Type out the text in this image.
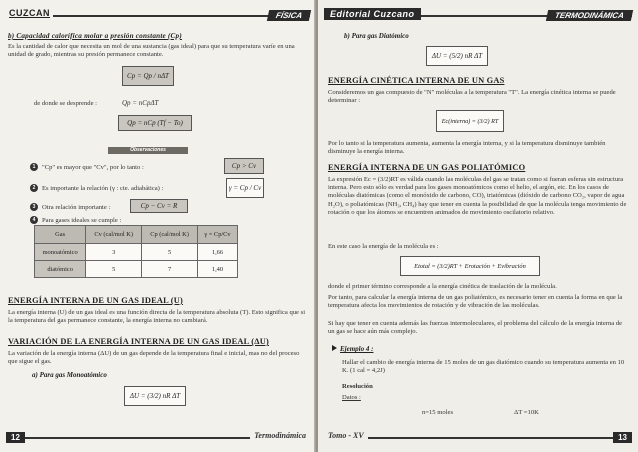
CUZCAN	FÍSICA
b) Capacidad calorífica molar a presión constante (Cp)
Es la cantidad de calor que necesita un mol de una sustancia (gas ideal) para que su temperatura varíe en una unidad de grado, mientras su presión permanece constante.
Cp = Qp / nΔT
de donde se desprende :	Qp = nCpΔT
Qp = nCp (Tf − To)
Observaciones
1	"Cp" es mayor que "Cv", por lo tanto :	Cp > Cv
2	Es importante la relación (γ : cte. adiabática) :	γ = Cp / Cv
3	Otra relación importante :	Cp − Cv = R
4	Para gases ideales se cumple :
Gas	Cv (cal/mol K)	Cp (cal/mol K)	γ = Cp/Cv
monoatómico	3	5	1,66
diatómico	5	7	1,40
ENERGÍA INTERNA DE UN GAS IDEAL (U)
La energía interna (U) de un gas ideal es una función directa de la temperatura absoluta (T). Esto significa que si la temperatura del gas permanece constante, la energía interna no cambiará.
VARIACIÓN DE LA ENERGÍA INTERNA DE UN GAS IDEAL (ΔU)
La variación de la energía interna (ΔU) de un gas depende de la temperatura final e inicial, mas no del proceso que sigue el gas.
a) Para gas Monoatómico
ΔU = (3/2) nR ΔT
12	Termodinámica
Editorial Cuzcano	TERMODINÁMICA
b) Para gas Diatómico
ΔU = (5/2) nR ΔT
ENERGÍA CINÉTICA INTERNA DE UN GAS
Consideremos un gas compuesto de "N" moléculas a la temperatura "T". La energía cinética interna se puede determinar :
Ec(interna) = (3/2) RT
Por lo tanto si la temperatura aumenta, aumenta la energía interna, y si la temperatura disminuye también disminuye la energía interna.
ENERGÍA INTERNA DE UN GAS POLIATÓMICO
La expresión Ec = (3/2)RT es válida cuando las moléculas del gas se tratan como si fueran esferas sin estructura interna. Pero esto sólo es verdad para los gases monoatómicos como el helio, el argón, etc. En los casos de moléculas diatómicas (como el monóxido de carbono, CO), triatómicas (dióxido de carbono CO₂, vapor de agua H₂O), o poliatómicas (NH₃, CH₄) hay que tener en cuenta la posibilidad de que la molécula tenga movimiento de rotación o que los átomos se encuentren animados de movimiento oscilatorio relativo.
En este caso la energía de la molécula es :
Etotal = (3/2)RT + Erotación + Evibración
donde el primer término corresponde a la energía cinética de traslación de la molécula.
Por tanto, para calcular la energía interna de un gas poliatómico, es necesario tener en cuenta la forma en que la temperatura afecta los movimientos de rotación y de vibración de las moléculas.
Si hay que tener en cuenta además las fuerzas intermoleculares, el problema del cálculo de la energía interna de un gas se hace aún más complejo.
Ejemplo 4 :
Hallar el cambio de energía interna de 15 moles de un gas diatómico cuando su temperatura aumenta en 10 K. (1 cal = 4,2J)
Resolución
Datos :
n=15 moles	ΔT =10K
Tomo - XV	13
